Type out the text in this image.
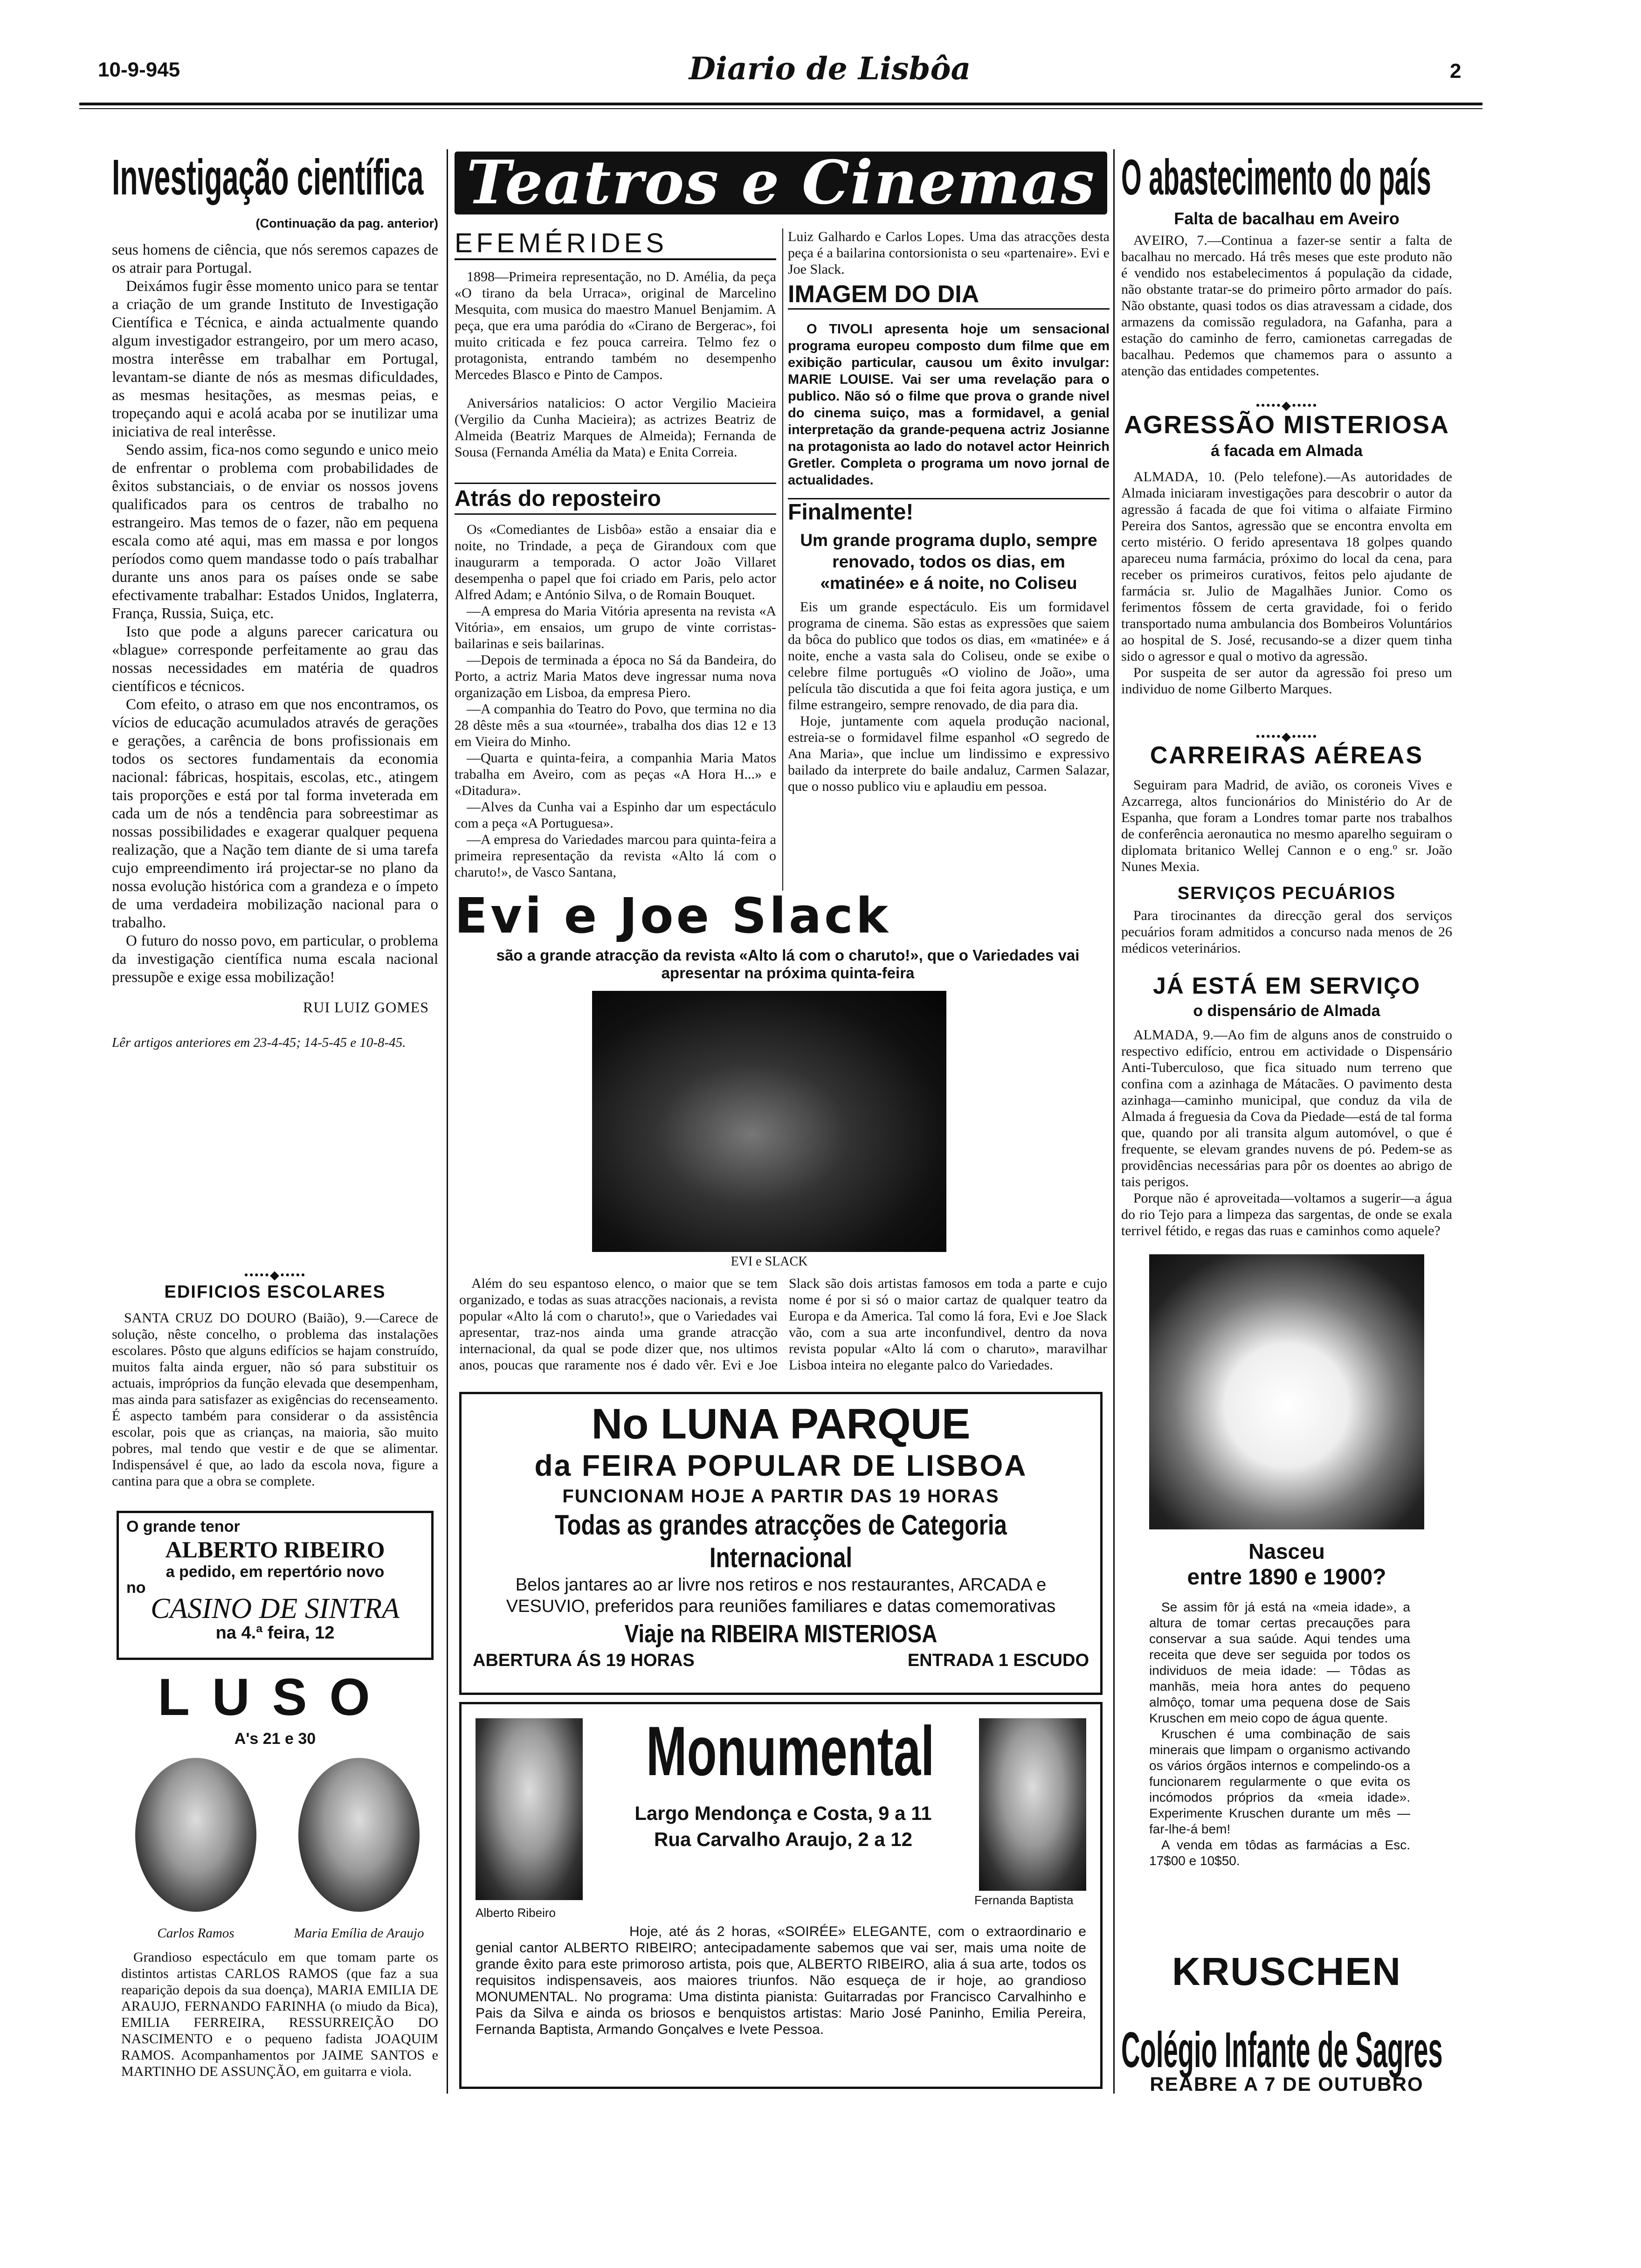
10-9-945	Diario de Lisbôa	2
Investigação científica
(Continuação da pag. anterior)

seus homens de ciência, que nós seremos capazes de os atrair para Portugal.

Deixámos fugir êsse momento unico para se tentar a criação de um grande Instituto de Investigação Científica e Técnica, e ainda actualmente quando algum investigador estrangeiro, por um mero acaso, mostra interêsse em trabalhar em Portugal, levantam-se diante de nós as mesmas dificuldades, as mesmas hesitações, as mesmas peias, e tropeçando aqui e acolá acaba por se inutilizar uma iniciativa de real interêsse.

Sendo assim, fica-nos como segundo e unico meio de enfrentar o problema com probabilidades de êxitos substanciais, o de enviar os nossos jovens qualificados para os centros de trabalho no estrangeiro. Mas temos de o fazer, não em pequena escala como até aqui, mas em massa e por longos períodos como quem mandasse todo o país trabalhar durante uns anos para os países onde se sabe efectivamente trabalhar: Estados Unidos, Inglaterra, França, Russia, Suiça, etc.

Isto que pode a alguns parecer caricatura ou «blague» corresponde perfeitamente ao grau das nossas necessidades em matéria de quadros científicos e técnicos.

Com efeito, o atraso em que nos encontramos, os vícios de educação acumulados através de gerações e gerações, a carência de bons profissionais em todos os sectores fundamentais da economia nacional: fábricas, hospitais, escolas, etc., atingem tais proporções e está por tal forma inveterada em cada um de nós a tendência para sobreestimar as nossas possibilidades e exagerar qualquer pequena realização, que a Nação tem diante de si uma tarefa cujo empreendimento irá projectar-se no plano da nossa evolução histórica com a grandeza e o ímpeto de uma verdadeira mobilização nacional para o trabalho.

O futuro do nosso povo, em particular, o problema da investigação científica numa escala nacional pressupõe e exige essa mobilização!

RUI LUIZ GOMES
Lêr artigos anteriores em 23-4-45; 14-5-45 e 10-8-45.
•••••◆•••••
EDIFICIOS ESCOLARES

SANTA CRUZ DO DOURO (Baião), 9.—Carece de solução, nêste concelho, o problema das instalações escolares. Pôsto que alguns edifícios se hajam construído, muitos falta ainda erguer, não só para substituir os actuais, impróprios da função elevada que desempenham, mas ainda para satisfazer as exigências do recenseamento. É aspecto também para considerar o da assistência escolar, pois que as crianças, na maioria, são muito pobres, mal tendo que vestir e de que se alimentar. Indispensável é que, ao lado da escola nova, figure a cantina para que a obra se complete.

O grande tenor
ALBERTO RIBEIRO
a pedido, em repertório novo
no
CASINO DE SINTRA
na 4.ª feira, 12
LUSO
A's 21 e 30
Carlos Ramos	Maria Emília de Araujo

Grandioso espectáculo em que tomam parte os distintos artistas CARLOS RAMOS (que faz a sua reaparição depois da sua doença), MARIA EMILIA DE ARAUJO, FERNANDO FARINHA (o miudo da Bica), EMILIA FERREIRA, RESSURREIÇÃO DO NASCIMENTO e o pequeno fadista JOAQUIM RAMOS. Acompanhamentos por JAIME SANTOS e MARTINHO DE ASSUNÇÃO, em guitarra e viola.

Teatros e Cinemas
EFEMÉRIDES

1898—Primeira representação, no D. Amélia, da peça «O tirano da bela Urraca», original de Marcelino Mesquita, com musica do maestro Manuel Benjamim. A peça, que era uma paródia do «Cirano de Bergerac», foi muito criticada e fez pouca carreira. Telmo fez o protagonista, entrando também no desempenho Mercedes Blasco e Pinto de Campos.

Aniversários natalicios: O actor Vergilio Macieira (Vergilio da Cunha Macieira); as actrizes Beatriz de Almeida (Beatriz Marques de Almeida); Fernanda de Sousa (Fernanda Amélia da Mata) e Enita Correia.

Atrás do reposteiro

Os «Comediantes de Lisbôa» estão a ensaiar dia e noite, no Trindade, a peça de Girandoux com que inaugurarm a temporada. O actor João Villaret desempenha o papel que foi criado em Paris, pelo actor Alfred Adam; e António Silva, o de Romain Bouquet.

—A empresa do Maria Vitória apresenta na revista «A Vitória», em ensaios, um grupo de vinte corristas-bailarinas e seis bailarinas.

—Depois de terminada a época no Sá da Bandeira, do Porto, a actriz Maria Matos deve ingressar numa nova organização em Lisboa, da empresa Piero.

—A companhia do Teatro do Povo, que termina no dia 28 dêste mês a sua «tournée», trabalha dos dias 12 e 13 em Vieira do Minho.

—Quarta e quinta-feira, a companhia Maria Matos trabalha em Aveiro, com as peças «A Hora H...» e «Ditadura».

—Alves da Cunha vai a Espinho dar um espectáculo com a peça «A Portuguesa».

—A empresa do Variedades marcou para quinta-feira a primeira representação da revista «Alto lá com o charuto!», de Vasco Santana,

Luiz Galhardo e Carlos Lopes. Uma das atracções desta peça é a bailarina contorsionista o seu «partenaire». Evi e Joe Slack.

IMAGEM DO DIA

O TIVOLI apresenta hoje um sensacional programa europeu composto dum filme que em exibição particular, causou um êxito invulgar: MARIE LOUISE. Vai ser uma revelação para o publico. Não só o filme que prova o grande nivel do cinema suiço, mas a formidavel, a genial interpretação da grande-pequena actriz Josianne na protagonista ao lado do notavel actor Heinrich Gretler. Completa o programa um novo jornal de actualidades.

Finalmente!
Um grande programa duplo, sempre renovado, todos os dias, em «matinée» e á noite, no Coliseu

Eis um grande espectáculo. Eis um formidavel programa de cinema. São estas as expressões que saiem da bôca do publico que todos os dias, em «matinée» e á noite, enche a vasta sala do Coliseu, onde se exibe o celebre filme português «O violino de João», uma película tão discutida a que foi feita agora justiça, e um filme estrangeiro, sempre renovado, de dia para dia.

Hoje, juntamente com aquela produção nacional, estreia-se o formidavel filme espanhol «O segredo de Ana Maria», que inclue um lindissimo e expressivo bailado da interprete do baile andaluz, Carmen Salazar, que o nosso publico viu e aplaudiu em pessoa.

Evi e Joe Slack
são a grande atracção da revista «Alto lá com o charuto!», que o Variedades vai apresentar na próxima quinta-feira
EVI e SLACK

Além do seu espantoso elenco, o maior que se tem organizado, e todas as suas atracções nacionais, a revista popular «Alto lá com o charuto!», que o Variedades vai apresentar, traz-nos ainda uma grande atracção internacional, da qual se pode dizer que, nos ultimos anos, poucas que raramente nos é dado vêr. Evi e Joe Slack são dois artistas famosos em toda a parte e cujo nome é por si só o maior cartaz de qualquer teatro da Europa e da America. Tal como lá fora, Evi e Joe Slack vão, com a sua arte inconfundivel, dentro da nova revista popular «Alto lá com o charuto», maravilhar Lisboa inteira no elegante palco do Variedades.

No LUNA PARQUE
da FEIRA POPULAR DE LISBOA
FUNCIONAM HOJE A PARTIR DAS 19 HORAS
Todas as grandes atracções de Categoria Internacional
Belos jantares ao ar livre nos retiros e nos restaurantes, ARCADA e VESUVIO, preferidos para reuniões familiares e datas comemorativas
Viaje na RIBEIRA MISTERIOSA
ABERTURA ÁS 19 HORAS	ENTRADA 1 ESCUDO
Monumental
Largo Mendonça e Costa, 9 a 11
Rua Carvalho Araujo, 2 a 12
Alberto Ribeiro
Fernanda Baptista

Hoje, até ás 2 horas, «SOIRÉE» ELEGANTE, com o extraordinario e genial cantor ALBERTO RIBEIRO; antecipadamente sabemos que vai ser, mais uma noite de grande êxito para este primoroso artista, pois que, ALBERTO RIBEIRO, alia á sua arte, todos os requisitos indispensaveis, aos maiores triunfos. Não esqueça de ir hoje, ao grandioso MONUMENTAL. No programa: Uma distinta pianista: Guitarradas por Francisco Carvalhinho e Pais da Silva e ainda os briosos e benquistos artistas: Mario José Paninho, Emilia Pereira, Fernanda Baptista, Armando Gonçalves e Ivete Pessoa.

O abastecimento do país
Falta de bacalhau em Aveiro

AVEIRO, 7.—Continua a fazer-se sentir a falta de bacalhau no mercado. Há três meses que este produto não é vendido nos estabelecimentos á população da cidade, não obstante tratar-se do primeiro pôrto armador do país. Não obstante, quasi todos os dias atravessam a cidade, dos armazens da comissão reguladora, na Gafanha, para a estação do caminho de ferro, camionetas carregadas de bacalhau. Pedemos que chamemos para o assunto a atenção das entidades competentes.

•••••◆•••••
AGRESSÃO MISTERIOSA
á facada em Almada

ALMADA, 10. (Pelo telefone).—As autoridades de Almada iniciaram investigações para descobrir o autor da agressão á facada de que foi vitima o alfaiate Firmino Pereira dos Santos, agressão que se encontra envolta em certo mistério. O ferido apresentava 18 golpes quando apareceu numa farmácia, próximo do local da cena, para receber os primeiros curativos, feitos pelo ajudante de farmácia sr. Julio de Magalhães Junior. Como os ferimentos fôssem de certa gravidade, foi o ferido transportado numa ambulancia dos Bombeiros Voluntários ao hospital de S. José, recusando-se a dizer quem tinha sido o agressor e qual o motivo da agressão.

Por suspeita de ser autor da agressão foi preso um individuo de nome Gilberto Marques.

•••••◆•••••
CARREIRAS AÉREAS

Seguiram para Madrid, de avião, os coroneis Vives e Azcarrega, altos funcionários do Ministério do Ar de Espanha, que foram a Londres tomar parte nos trabalhos de conferência aeronautica no mesmo aparelho seguiram o diplomata britanico Wellej Cannon e o eng.º sr. João Nunes Mexia.

SERVIÇOS PECUÁRIOS

Para tirocinantes da direcção geral dos serviços pecuários foram admitidos a concurso nada menos de 26 médicos veterinários.

JÁ ESTÁ EM SERVIÇO
o dispensário de Almada

ALMADA, 9.—Ao fim de alguns anos de construido o respectivo edifício, entrou em actividade o Dispensário Anti-Tuberculoso, que fica situado num terreno que confina com a azinhaga de Mátacães. O pavimento desta azinhaga—caminho municipal, que conduz da vila de Almada á freguesia da Cova da Piedade—está de tal forma que, quando por ali transita algum automóvel, o que é frequente, se elevam grandes nuvens de pó. Pedem-se as providências necessárias para pôr os doentes ao abrigo de tais perigos.

Porque não é aproveitada—voltamos a sugerir—a água do rio Tejo para a limpeza das sargentas, de onde se exala terrivel fétido, e regas das ruas e caminhos como aquele?

Nasceu
entre 1890 e 1900?

Se assim fôr já está na «meia idade», a altura de tomar certas precauções para conservar a sua saúde. Aqui tendes uma receita que deve ser seguida por todos os individuos de meia idade: — Tôdas as manhãs, meia hora antes do pequeno almôço, tomar uma pequena dose de Sais Kruschen em meio copo de água quente.

Kruschen é uma combinação de sais minerais que limpam o organismo activando os vários órgãos internos e compelindo-os a funcionarem regularmente o que evita os incómodos próprios da «meia idade». Experimente Kruschen durante um mês — far-lhe-á bem!

A venda em tôdas as farmácias a Esc. 17$00 e 10$50.

KRUSCHEN
Colégio Infante de Sagres
REABRE A 7 DE OUTUBRO
